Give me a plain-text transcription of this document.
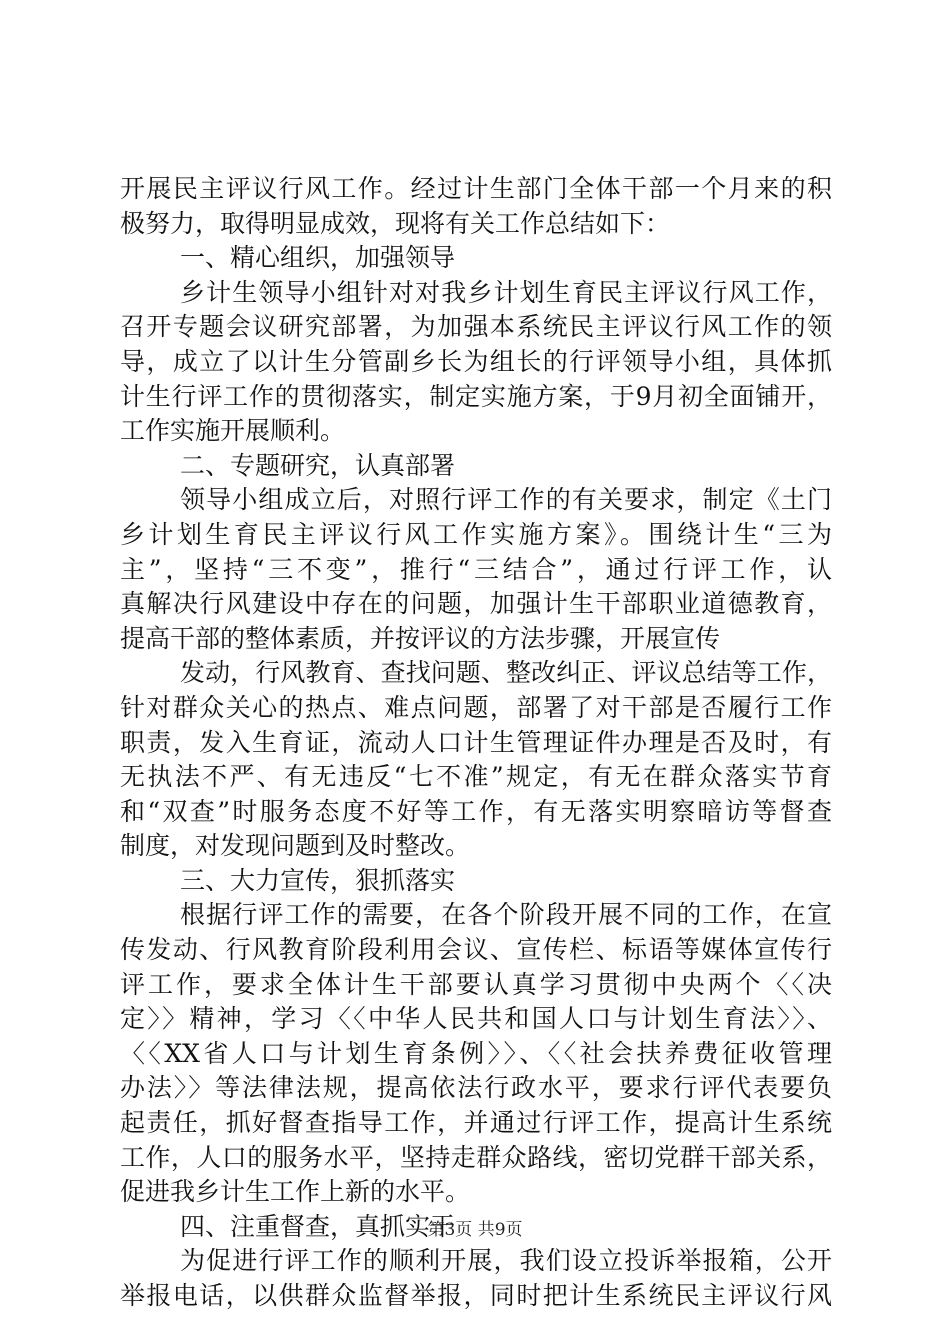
开展民主评议行风工作。经过计生部门全体干部一个月来的积
极努力，取得明显成效，现将有关工作总结如下：
一、精心组织，加强领导
乡计生领导小组针对对我乡计划生育民主评议行风工作，
召开专题会议研究部署，为加强本系统民主评议行风工作的领
导，成立了以计生分管副乡长为组长的行评领导小组，具体抓
计生行评工作的贯彻落实，制定实施方案，于9月初全面铺开，
工作实施开展顺利。
二、专题研究，认真部署
领导小组成立后，对照行评工作的有关要求，制定《土门
乡计划生育民主评议行风工作实施方案》。围绕计生“三为
主”，坚持“三不变”，推行“三结合”，通过行评工作，认
真解决行风建设中存在的问题，加强计生干部职业道德教育，
提高干部的整体素质，并按评议的方法步骤，开展宣传
发动，行风教育、查找问题、整改纠正、评议总结等工作，
针对群众关心的热点、难点问题，部署了对干部是否履行工作
职责，发入生育证，流动人口计生管理证件办理是否及时，有
无执法不严、有无违反“七不准”规定，有无在群众落实节育
和“双查”时服务态度不好等工作，有无落实明察暗访等督查
制度，对发现问题到及时整改。
三、大力宣传，狠抓落实
根据行评工作的需要，在各个阶段开展不同的工作，在宣
传发动、行风教育阶段利用会议、宣传栏、标语等媒体宣传行
评工作，要求全体计生干部要认真学习贯彻中央两个〈〈决
定〉〉精神，学习〈〈中华人民共和国人口与计划生育法〉〉、
〈〈XX省人口与计划生育条例〉〉、〈〈社会扶养费征收管理
办法〉〉等法律法规，提高依法行政水平，要求行评代表要负
起责任，抓好督查指导工作，并通过行评工作，提高计生系统
工作，人口的服务水平，坚持走群众路线，密切党群干部关系，
促进我乡计生工作上新的水平。
四、注重督查，真抓实干
为促进行评工作的顺利开展，我们设立投诉举报箱，公开
举报电话，以供群众监督举报，同时把计生系统民主评议行风
第3页 共9页
